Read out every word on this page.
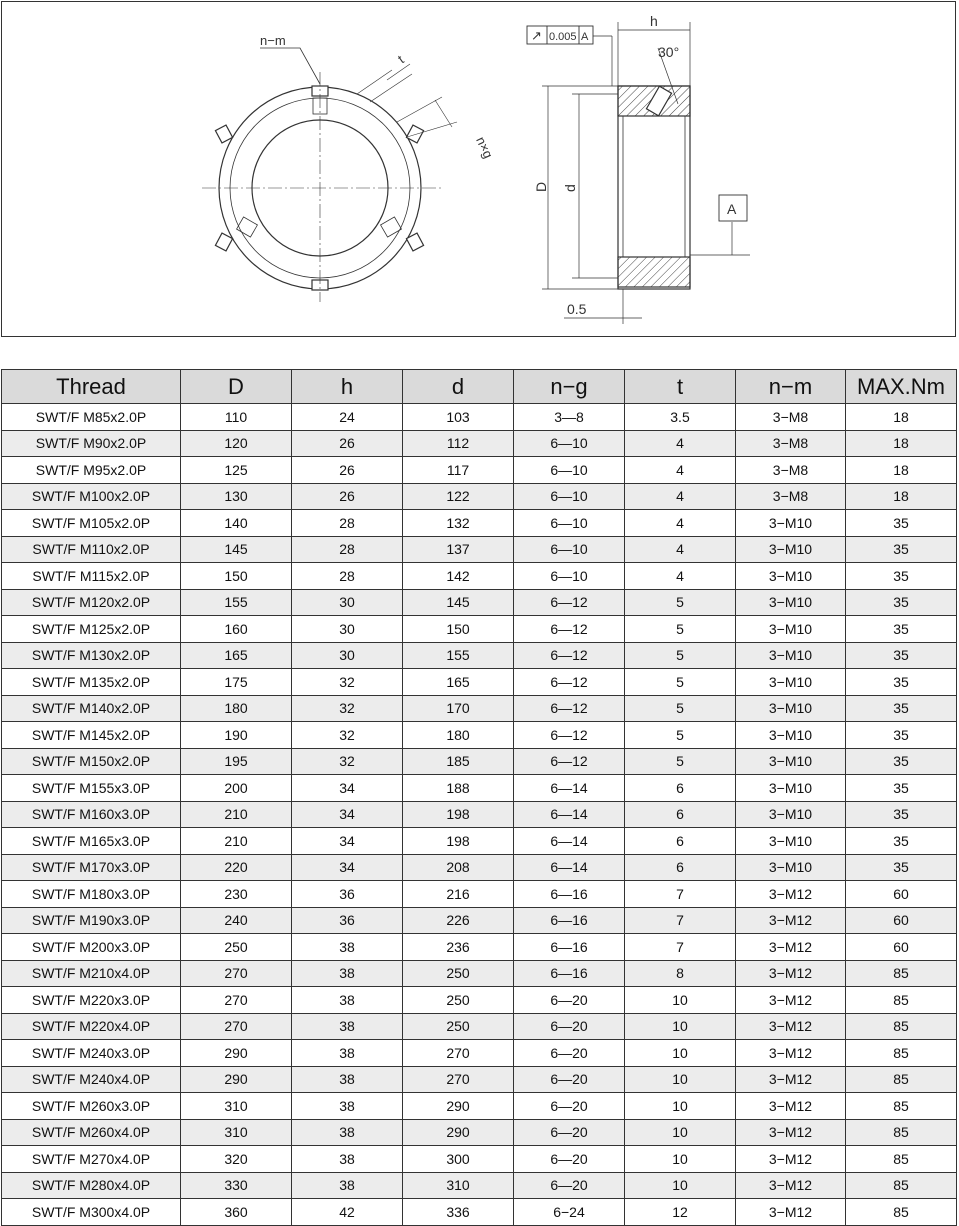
n−m
t
n×g
↗ 0.005 A
A
h
30°
D d
0.5
Thread	D	h	d	n−g	t	n−m	MAX.Nm
SWT/F M85x2.0P	110	24	103	3—8	3.5	3−M8	18
SWT/F M90x2.0P	120	26	112	6—10	4	3−M8	18
SWT/F M95x2.0P	125	26	117	6—10	4	3−M8	18
SWT/F M100x2.0P	130	26	122	6—10	4	3−M8	18
SWT/F M105x2.0P	140	28	132	6—10	4	3−M10	35
SWT/F M110x2.0P	145	28	137	6—10	4	3−M10	35
SWT/F M115x2.0P	150	28	142	6—10	4	3−M10	35
SWT/F M120x2.0P	155	30	145	6—12	5	3−M10	35
SWT/F M125x2.0P	160	30	150	6—12	5	3−M10	35
SWT/F M130x2.0P	165	30	155	6—12	5	3−M10	35
SWT/F M135x2.0P	175	32	165	6—12	5	3−M10	35
SWT/F M140x2.0P	180	32	170	6—12	5	3−M10	35
SWT/F M145x2.0P	190	32	180	6—12	5	3−M10	35
SWT/F M150x2.0P	195	32	185	6—12	5	3−M10	35
SWT/F M155x3.0P	200	34	188	6—14	6	3−M10	35
SWT/F M160x3.0P	210	34	198	6—14	6	3−M10	35
SWT/F M165x3.0P	210	34	198	6—14	6	3−M10	35
SWT/F M170x3.0P	220	34	208	6—14	6	3−M10	35
SWT/F M180x3.0P	230	36	216	6—16	7	3−M12	60
SWT/F M190x3.0P	240	36	226	6—16	7	3−M12	60
SWT/F M200x3.0P	250	38	236	6—16	7	3−M12	60
SWT/F M210x4.0P	270	38	250	6—16	8	3−M12	85
SWT/F M220x3.0P	270	38	250	6—20	10	3−M12	85
SWT/F M220x4.0P	270	38	250	6—20	10	3−M12	85
SWT/F M240x3.0P	290	38	270	6—20	10	3−M12	85
SWT/F M240x4.0P	290	38	270	6—20	10	3−M12	85
SWT/F M260x3.0P	310	38	290	6—20	10	3−M12	85
SWT/F M260x4.0P	310	38	290	6—20	10	3−M12	85
SWT/F M270x4.0P	320	38	300	6—20	10	3−M12	85
SWT/F M280x4.0P	330	38	310	6—20	10	3−M12	85
SWT/F M300x4.0P	360	42	336	6−24	12	3−M12	85
